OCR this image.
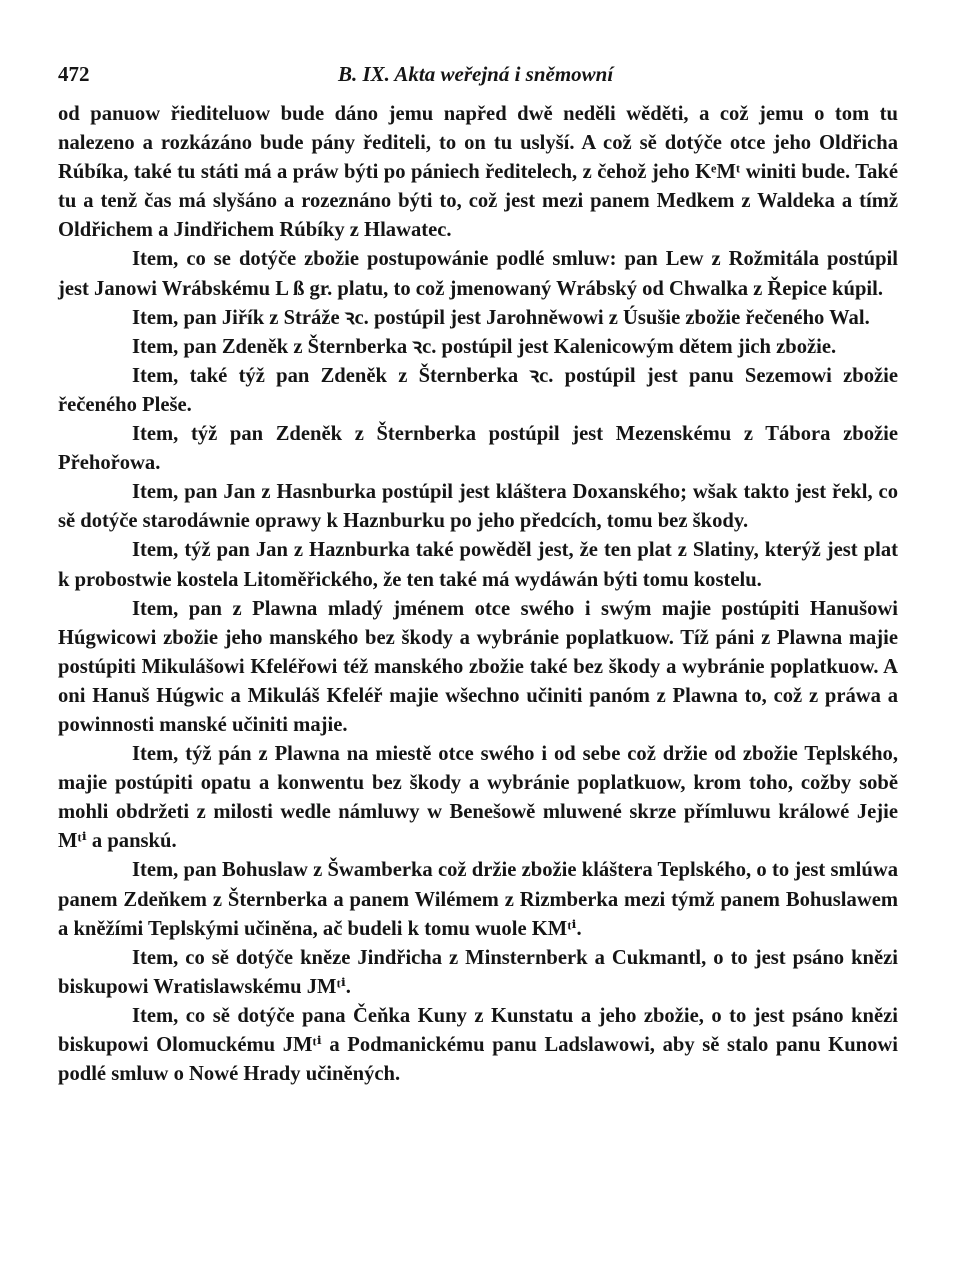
472	B. IX. Akta weřejná i sněmowní

od panuow řiediteluow bude dáno jemu napřed dwě neděli wěděti, a což jemu o tom tu nalezeno a rozkázáno bude pány řediteli, to on tu uslyší. A což sě dotýče otce jeho Oldřicha Rúbíka, také tu státi má a práw býti po pániech ředitelech, z čehož jeho KᵉMᵗ winiti bude. Také tu a tenž čas má slyšáno a rozeznáno býti to, což jest mezi panem Medkem z Waldeka a tímž Oldřichem a Jindřichem Rúbíky z Hlawatec.

Item, co se dotýče zbožie postupowánie podlé smluw: pan Lew z Rožmitála postúpil jest Janowi Wrábskému L ß gr. platu, to což jmenowaný Wrábský od Chwalka z Řepice kúpil.

Item, pan Jiřík z Stráže ꝛc. postúpil jest Jarohněwowi z Úsušie zbožie řečeného Wal.

Item, pan Zdeněk z Šternberka ꝛc. postúpil jest Kalenicowým dětem jich zbožie.

Item, také týž pan Zdeněk z Šternberka ꝛc. postúpil jest panu Sezemowi zbožie řečeného Pleše.

Item, týž pan Zdeněk z Šternberka postúpil jest Mezenskému z Tábora zbožie Přehořowa.

Item, pan Jan z Hasnburka postúpil jest kláštera Doxanského; wšak takto jest řekl, co sě dotýče starodáwnie oprawy k Haznburku po jeho předcích, tomu bez škody.

Item, týž pan Jan z Haznburka také powěděl jest, že ten plat z Slatiny, kterýž jest plat k probostwie kostela Litoměřického, že ten také má wydáwán býti tomu kostelu.

Item, pan z Plawna mladý jménem otce swého i swým majie postúpiti Hanušowi Húgwicowi zbožie jeho manského bez škody a wybránie poplatkuow. Tíž páni z Plawna majie postúpiti Mikulášowi Kfeléřowi též manského zbožie také bez škody a wybránie poplatkuow. A oni Hanuš Húgwic a Mikuláš Kfeléř majie wšechno učiniti panóm z Plawna to, což z práwa a powinnosti manské učiniti majie.

Item, týž pán z Plawna na miestě otce swého i od sebe což držie od zbožie Teplského, majie postúpiti opatu a konwentu bez škody a wybránie poplatkuow, krom toho, cožby sobě mohli obdržeti z milosti wedle námluwy w Benešowě mluwené skrze přímluwu králowé Jejie Mᵗⁱ a panskú.

Item, pan Bohuslaw z Šwamberka což držie zbožie kláštera Teplského, o to jest smlúwa panem Zdeňkem z Šternberka a panem Wilémem z Rizmberka mezi týmž panem Bohuslawem a kněžími Teplskými učiněna, ač budeli k tomu wuole KMᵗⁱ.

Item, co sě dotýče kněze Jindřicha z Minsternberk a Cukmantl, o to jest psáno knězi biskupowi Wratislawskému JMᵗⁱ.

Item, co sě dotýče pana Čeňka Kuny z Kunstatu a jeho zbožie, o to jest psáno knězi biskupowi Olomuckému JMᵗⁱ a Podmanickému panu Ladslawowi, aby sě stalo panu Kunowi podlé smluw o Nowé Hrady učiněných.
